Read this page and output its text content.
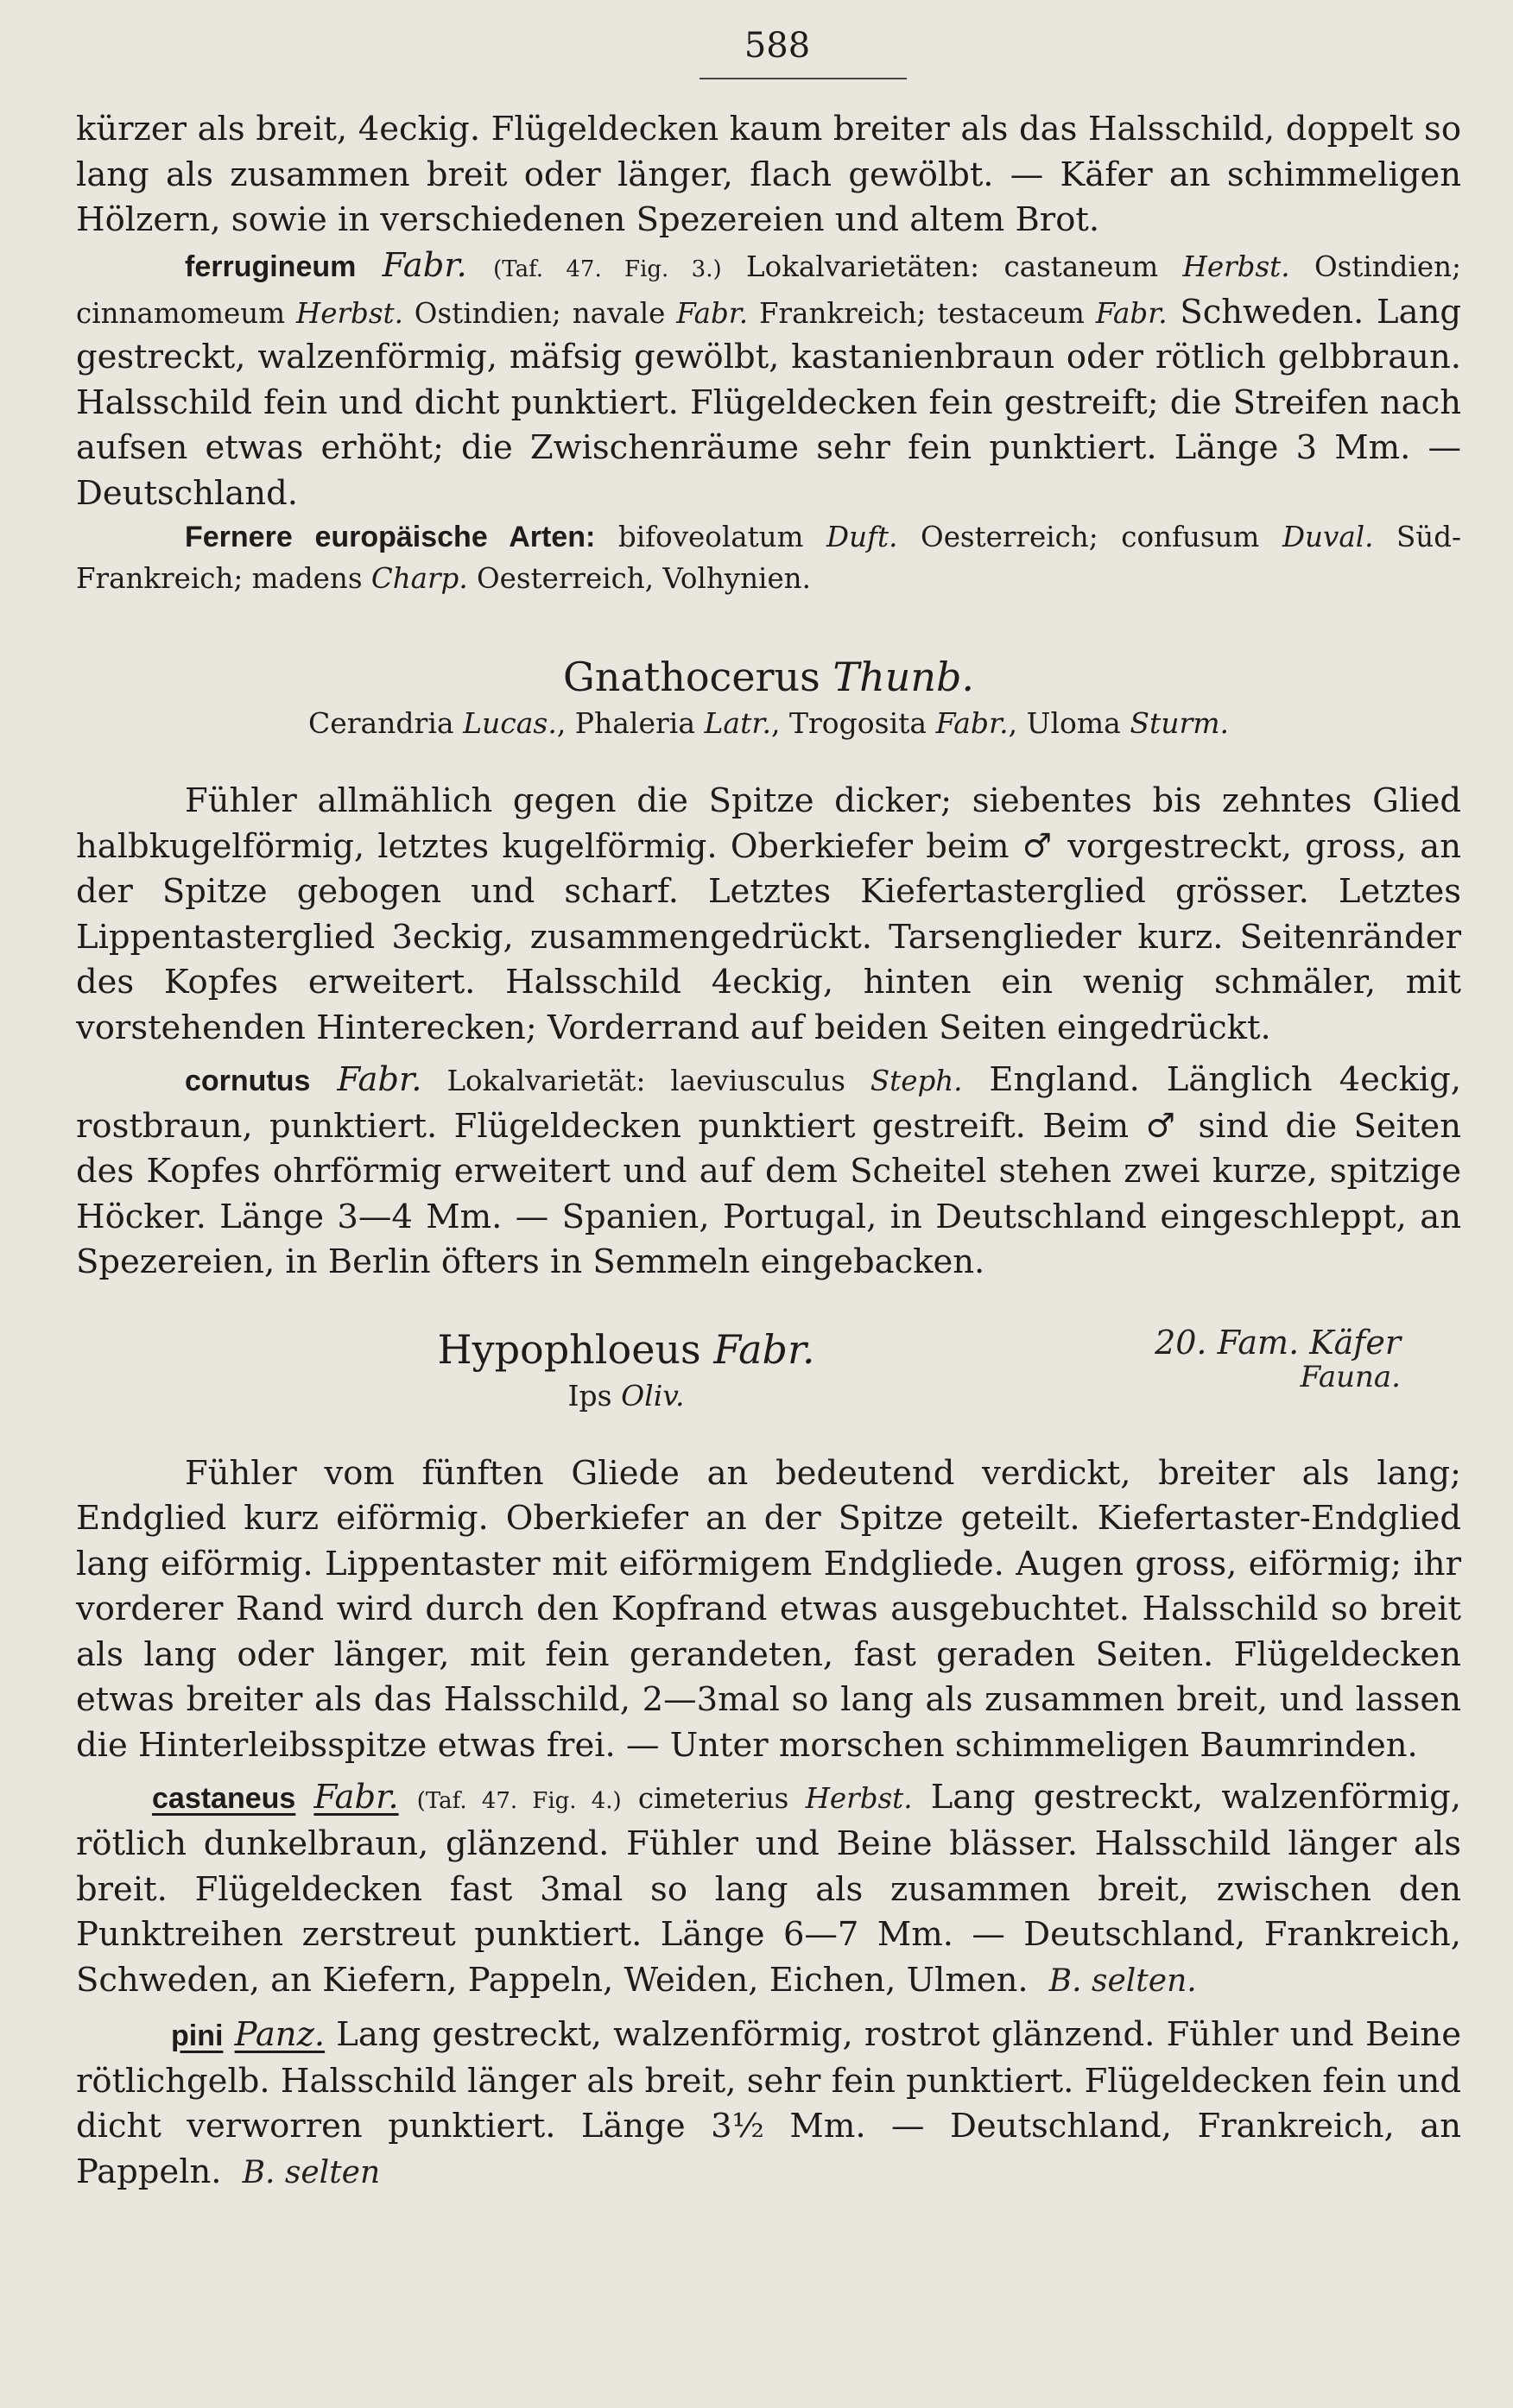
588

kürzer als breit, 4eckig. Flügeldecken kaum breiter als das Halsschild, doppelt so lang als zusammen breit oder länger, flach gewölbt. — Käfer an schimmeligen Hölzern, sowie in verschiedenen Spezereien und altem Brot.

ferrugineum Fabr. (Taf. 47. Fig. 3.) Lokalvarietäten: castaneum Herbst. Ostindien; cinnamomeum Herbst. Ostindien; navale Fabr. Frankreich; testaceum Fabr. Schweden. Lang gestreckt, walzenförmig, mäfsig gewölbt, kastanienbraun oder rötlich gelbbraun. Halsschild fein und dicht punktiert. Flügeldecken fein gestreift; die Streifen nach aufsen etwas erhöht; die Zwischenräume sehr fein punktiert. Länge 3 Mm. — Deutschland.

Fernere europäische Arten: bifoveolatum Duft. Oesterreich; confusum Duval. Süd-Frankreich; madens Charp. Oesterreich, Volhynien.

Gnathocerus Thunb.

Cerandria Lucas., Phaleria Latr., Trogosita Fabr., Uloma Sturm.

Fühler allmählich gegen die Spitze dicker; siebentes bis zehntes Glied halbkugelförmig, letztes kugelförmig. Oberkiefer beim ♂ vorgestreckt, gross, an der Spitze gebogen und scharf. Letztes Kiefertasterglied grösser. Letztes Lippentasterglied 3eckig, zusammengedrückt. Tarsenglieder kurz. Seitenränder des Kopfes erweitert. Halsschild 4eckig, hinten ein wenig schmäler, mit vorstehenden Hinterecken; Vorderrand auf beiden Seiten eingedrückt.

cornutus Fabr. Lokalvarietät: laeviusculus Steph. England. Länglich 4eckig, rostbraun, punktiert. Flügeldecken punktiert gestreift. Beim ♂ sind die Seiten des Kopfes ohrförmig erweitert und auf dem Scheitel stehen zwei kurze, spitzige Höcker. Länge 3—4 Mm. — Spanien, Portugal, in Deutschland eingeschleppt, an Spezereien, in Berlin öfters in Semmeln eingebacken.

Hypophloeus Fabr.

Ips Oliv.

20. Fam. Käfer
Fauna.

Fühler vom fünften Gliede an bedeutend verdickt, breiter als lang; Endglied kurz eiförmig. Oberkiefer an der Spitze geteilt. Kiefertaster-Endglied lang eiförmig. Lippentaster mit eiförmigem Endgliede. Augen gross, eiförmig; ihr vorderer Rand wird durch den Kopfrand etwas ausgebuchtet. Halsschild so breit als lang oder länger, mit fein gerandeten, fast geraden Seiten. Flügeldecken etwas breiter als das Halsschild, 2—3mal so lang als zusammen breit, und lassen die Hinterleibsspitze etwas frei. — Unter morschen schimmeligen Baumrinden.

castaneus Fabr. (Taf. 47. Fig. 4.) cimeterius Herbst. Lang gestreckt, walzenförmig, rötlich dunkelbraun, glänzend. Fühler und Beine blässer. Halsschild länger als breit. Flügeldecken fast 3mal so lang als zusammen breit, zwischen den Punktreihen zerstreut punktiert. Länge 6—7 Mm. — Deutschland, Frankreich, Schweden, an Kiefern, Pappeln, Weiden, Eichen, Ulmen. B. selten.

pini Panz. Lang gestreckt, walzenförmig, rostrot glänzend. Fühler und Beine rötlichgelb. Halsschild länger als breit, sehr fein punktiert. Flügeldecken fein und dicht verworren punktiert. Länge 3½ Mm. — Deutschland, Frankreich, an Pappeln. B. selten
